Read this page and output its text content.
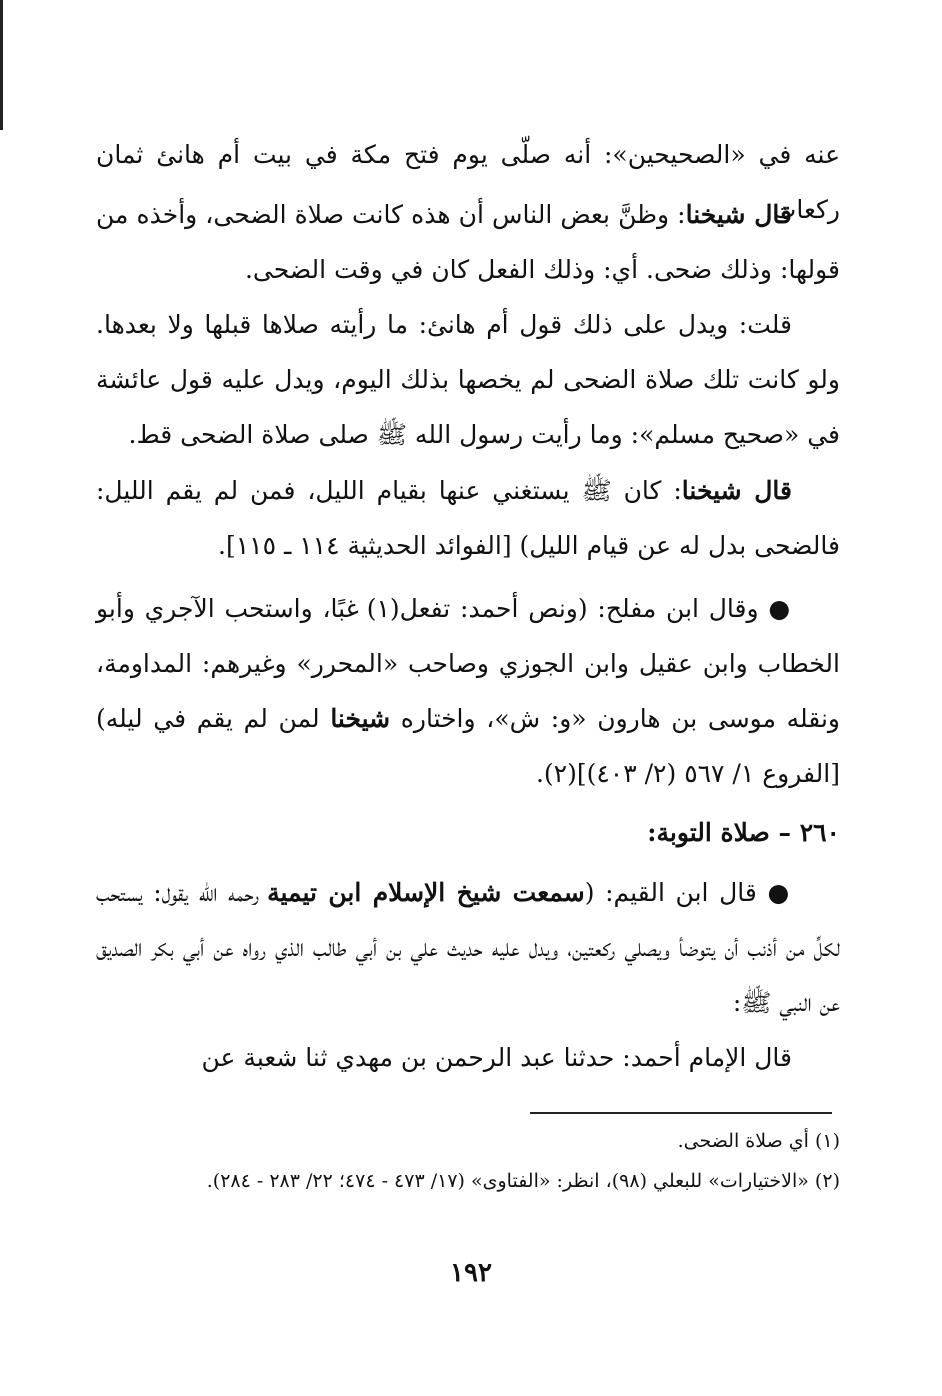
عنه في «الصحيحين»: أنه صلّى يوم فتح مكة في بيت أم هانئ ثمان ركعات.

قال شيخنا: وظنَّ بعض الناس أن هذه كانت صلاة الضحى، وأخذه من قولها: وذلك ضحى. أي: وذلك الفعل كان في وقت الضحى.

قلت: ويدل على ذلك قول أم هانئ: ما رأيته صلاها قبلها ولا بعدها. ولو كانت تلك صلاة الضحى لم يخصها بذلك اليوم، ويدل عليه قول عائشة في «صحيح مسلم»: وما رأيت رسول الله ﷺ صلى صلاة الضحى قط.

قال شيخنا: كان ﷺ يستغني عنها بقيام الليل، فمن لم يقم الليل: فالضحى بدل له عن قيام الليل) [الفوائد الحديثية ١١٤ ـ ١١٥].

● وقال ابن مفلح: (ونص أحمد: تفعل(١) غبًا، واستحب الآجري وأبو الخطاب وابن عقيل وابن الجوزي وصاحب «المحرر» وغيرهم: المداومة، ونقله موسى بن هارون «و: ش»، واختاره شيخنا لمن لم يقم في ليله) [الفروع ١/ ٥٦٧ (٢/ ٤٠٣)](٢).

٢٦٠ – صلاة التوبة:

● قال ابن القيم: (سمعت شيخ الإسلام ابن تيمية رحمه الله يقول: يستحب لكلِّ من أذنب أن يتوضأ ويصلي ركعتين، ويدل عليه حديث علي بن أبي طالب الذي رواه عن أبي بكر الصديق عن النبي ﷺ:

قال الإمام أحمد: حدثنا عبد الرحمن بن مهدي ثنا شعبة عن

(١) أي صلاة الضحى.
(٢) «الاختيارات» للبعلي (٩٨)، انظر: «الفتاوى» (١٧/ ٤٧٣ - ٤٧٤؛ ٢٢/ ٢٨٣ - ٢٨٤).
١٩٢
